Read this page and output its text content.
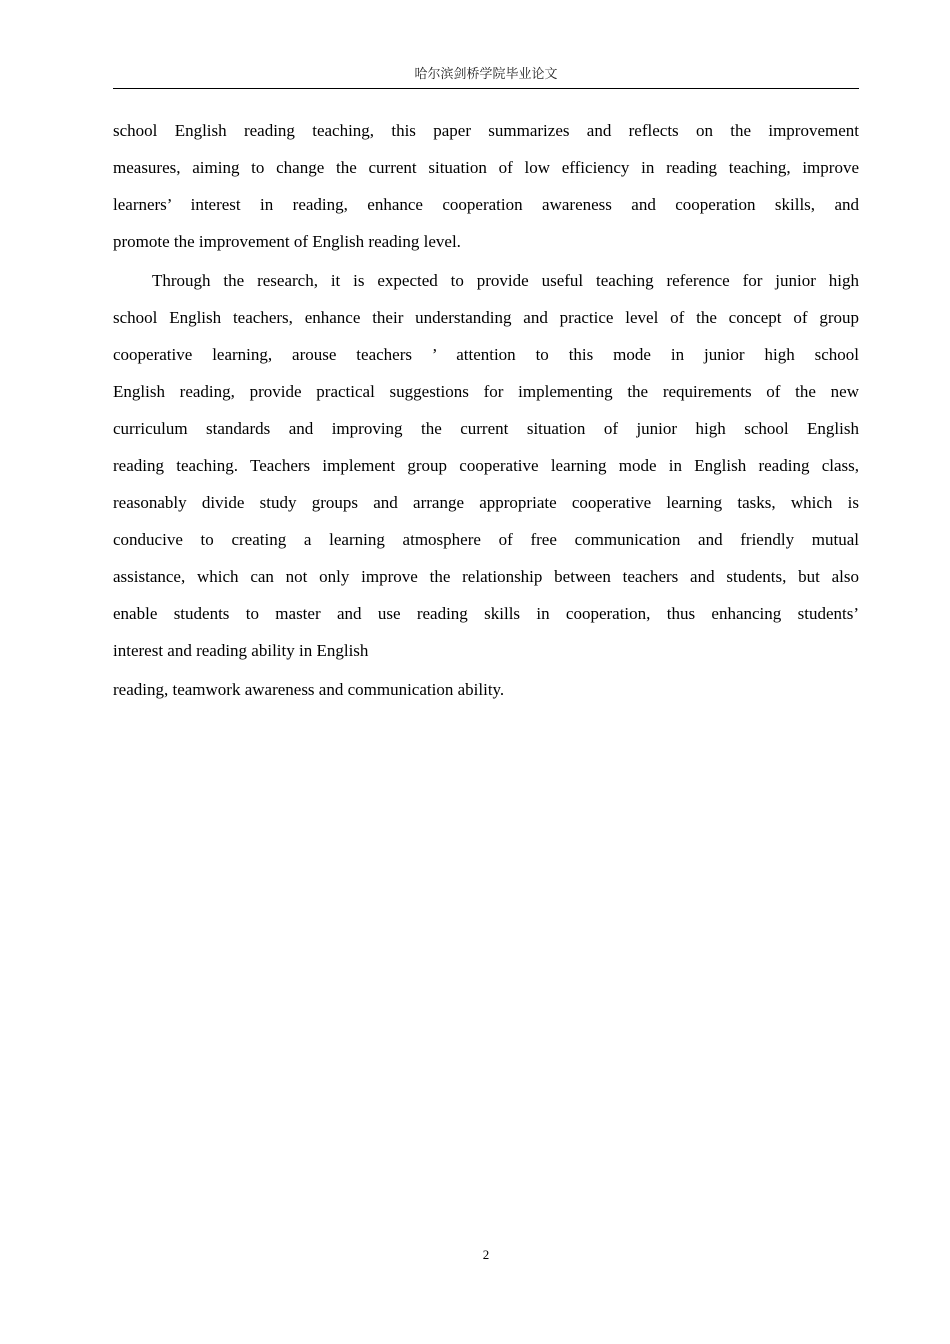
哈尔滨剑桥学院毕业论文
school English reading teaching, this paper summarizes and reflects on the improvement
measures, aiming to change the current situation of low efficiency in reading teaching, improve
learners’ interest in reading, enhance cooperation awareness and cooperation skills, and
promote the improvement of English reading level.
Through the research, it is expected to provide useful teaching reference for junior high
school English teachers, enhance their understanding and practice level of the concept of group
cooperative learning, arouse teachers ’ attention to this mode in junior high school
English reading, provide practical suggestions for implementing the requirements of the new
curriculum standards and improving the current situation of junior high school English
reading teaching. Teachers implement group cooperative learning mode in English reading class,
reasonably divide study groups and arrange appropriate cooperative learning tasks, which is
conducive to creating a learning atmosphere of free communication and friendly mutual
assistance, which can not only improve the relationship between teachers and students, but also
enable students to master and use reading skills in cooperation, thus enhancing students’
interest and reading ability in English
reading, teamwork awareness and communication ability.
2
